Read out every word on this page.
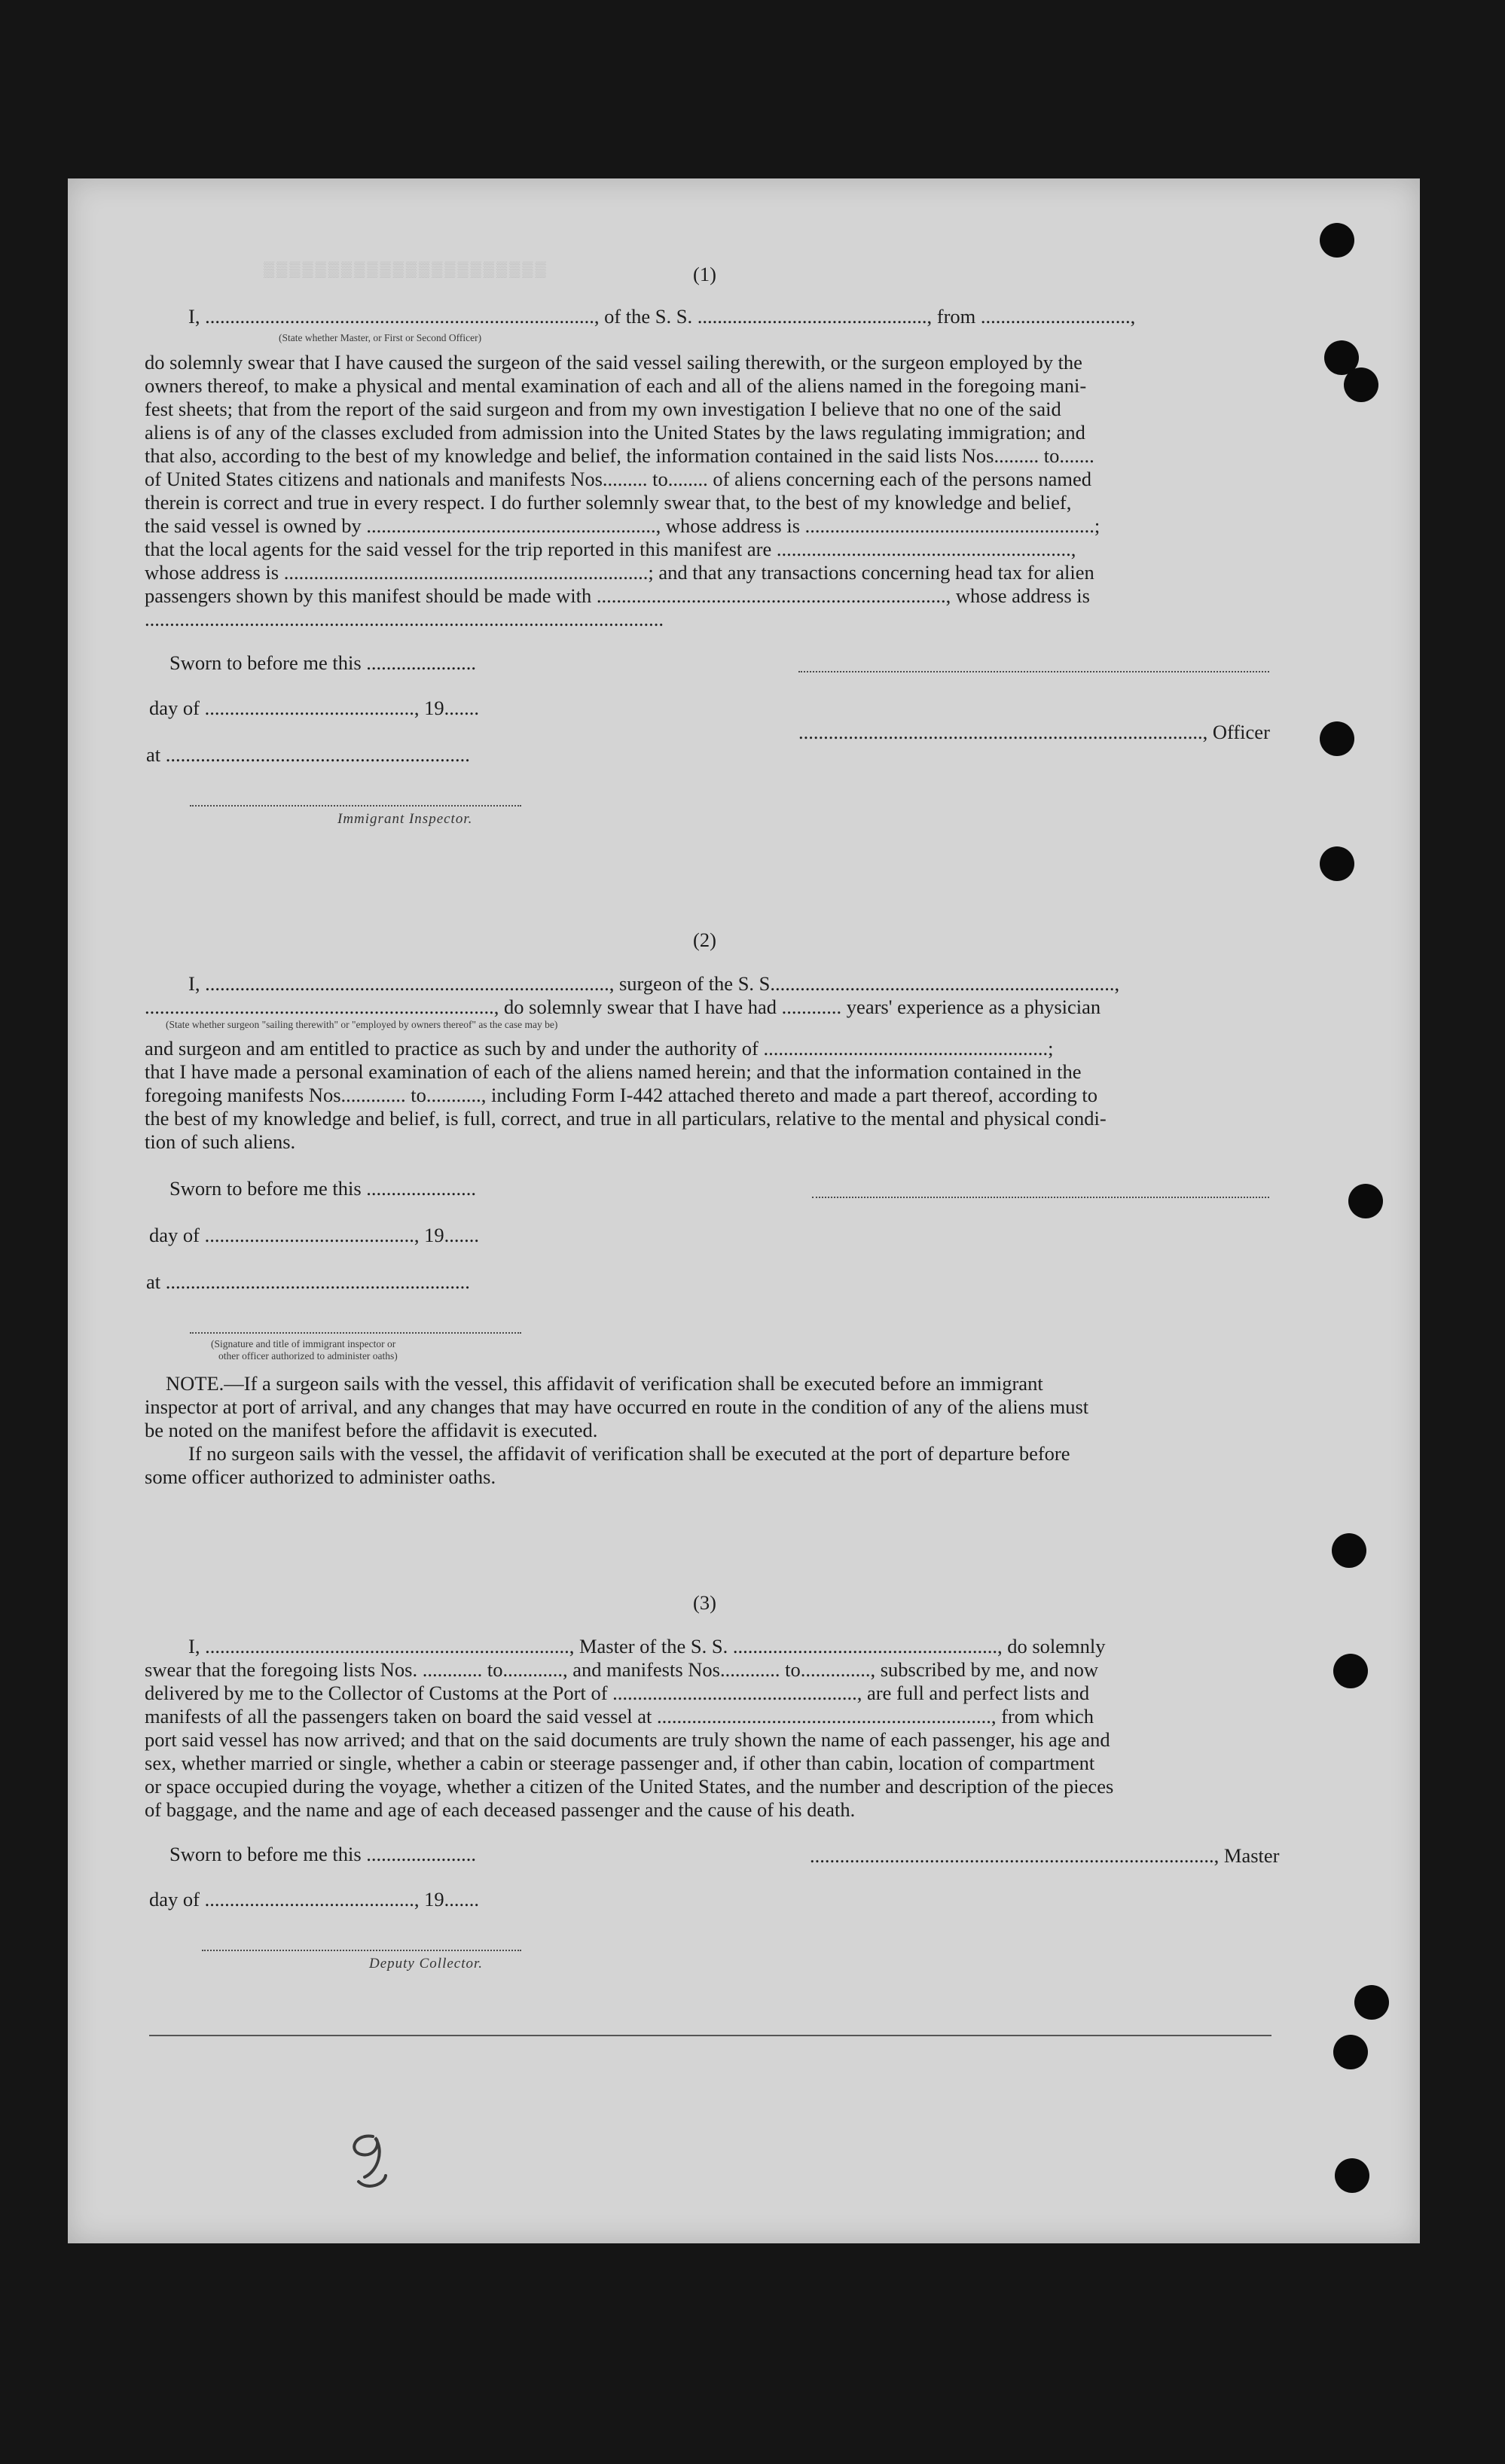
▒▒▒▒▒▒▒▒▒▒▒▒▒▒▒▒▒▒▒▒▒▒	(1)
I, .............................................................................., of the S. S. .............................................., from ..............................,
(State whether Master, or First or Second Officer)
do solemnly swear that I have caused the surgeon of the said vessel sailing therewith, or the surgeon employed by the
owners thereof, to make a physical and mental examination of each and all of the aliens named in the foregoing mani-
fest sheets; that from the report of the said surgeon and from my own investigation I believe that no one of the said
aliens is of any of the classes excluded from admission into the United States by the laws regulating immigration; and
that also, according to the best of my knowledge and belief, the information contained in the said lists Nos......... to.......
of United States citizens and nationals and manifests Nos......... to........ of aliens concerning each of the persons named
therein is correct and true in every respect. I do further solemnly swear that, to the best of my knowledge and belief,
the said vessel is owned by .........................................................., whose address is ..........................................................;
that the local agents for the said vessel for the trip reported in this manifest are ...........................................................,
whose address is .........................................................................; and that any transactions concerning head tax for alien
passengers shown by this manifest should be made with ......................................................................, whose address is
........................................................................................................
Sworn to before me this ......................
day of .........................................., 19.......
................................................................................., Officer
at .............................................................
Immigrant Inspector.
(2)
I, ................................................................................., surgeon of the S. S.....................................................................,
......................................................................, do solemnly swear that I have had ............ years' experience as a physician
(State whether surgeon "sailing therewith" or "employed by owners thereof" as the case may be)
and surgeon and am entitled to practice as such by and under the authority of .........................................................;
that I have made a personal examination of each of the aliens named herein; and that the information contained in the
foregoing manifests Nos............. to..........., including Form I-442 attached thereto and made a part thereof, according to
the best of my knowledge and belief, is full, correct, and true in all particulars, relative to the mental and physical condi-
tion of such aliens.
Sworn to before me this ......................
day of .........................................., 19.......
at .............................................................
(Signature and title of immigrant inspector or
other officer authorized to administer oaths)
NOTE.—If a surgeon sails with the vessel, this affidavit of verification shall be executed before an immigrant
inspector at port of arrival, and any changes that may have occurred en route in the condition of any of the aliens must
be noted on the manifest before the affidavit is executed.
If no surgeon sails with the vessel, the affidavit of verification shall be executed at the port of departure before
some officer authorized to administer oaths.
(3)
I, ........................................................................., Master of the S. S. ....................................................., do solemnly
swear that the foregoing lists Nos. ............ to............, and manifests Nos............ to.............., subscribed by me, and now
delivered by me to the Collector of Customs at the Port of ................................................., are full and perfect lists and
manifests of all the passengers taken on board the said vessel at ..................................................................., from which
port said vessel has now arrived; and that on the said documents are truly shown the name of each passenger, his age and
sex, whether married or single, whether a cabin or steerage passenger and, if other than cabin, location of compartment
or space occupied during the voyage, whether a citizen of the United States, and the number and description of the pieces
of baggage, and the name and age of each deceased passenger and the cause of his death.
Sworn to before me this ......................	................................................................................., Master
day of .........................................., 19.......
Deputy Collector.
